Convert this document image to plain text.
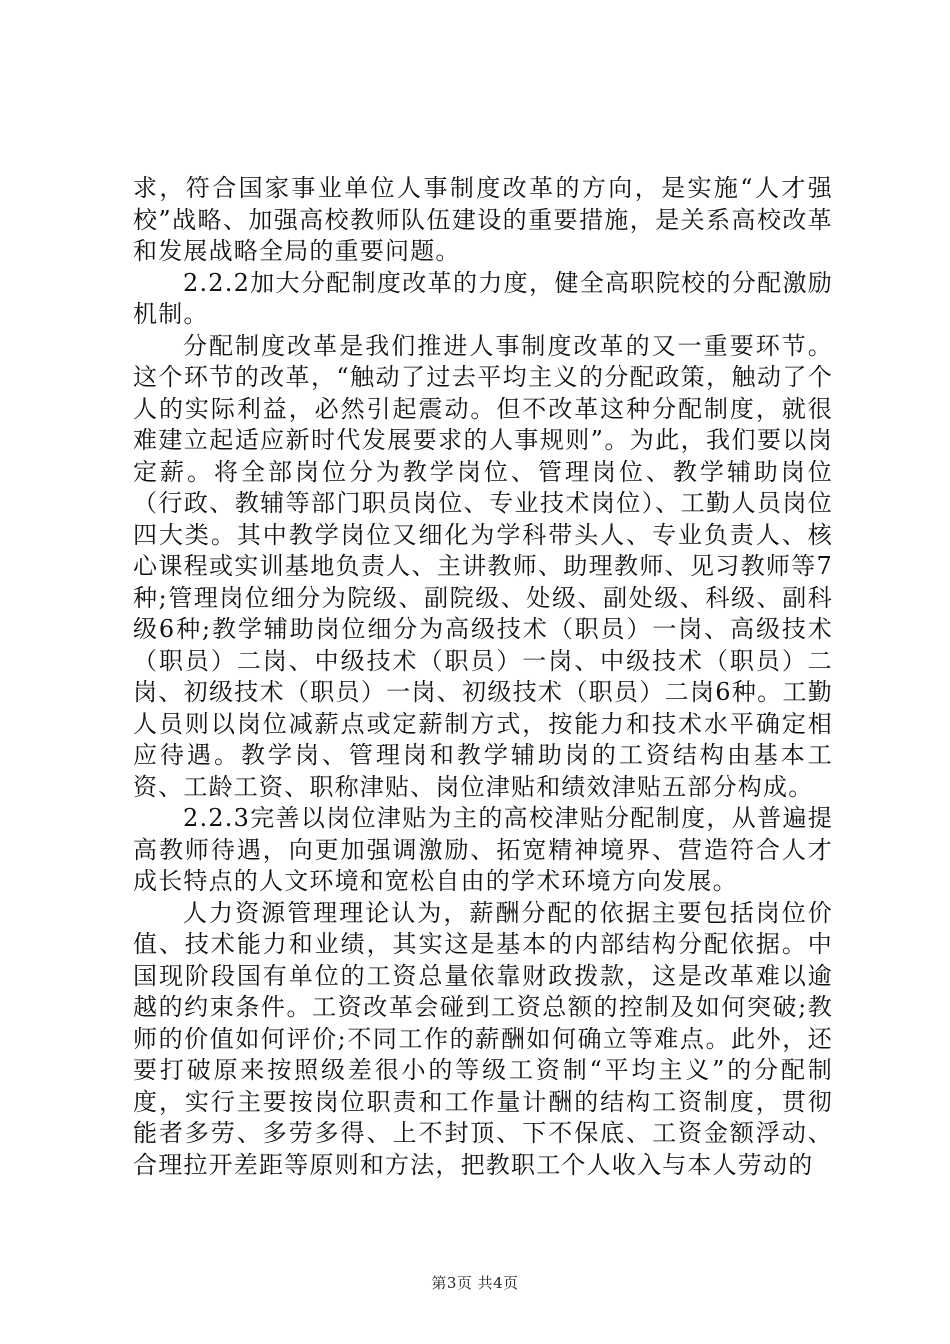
求，符合国家事业单位人事制度改革的方向，是实施“人才强校”战略、加强高校教师队伍建设的重要措施，是关系高校改革和发展战略全局的重要问题。

2.2.2加大分配制度改革的力度，健全高职院校的分配激励机制。

分配制度改革是我们推进人事制度改革的又一重要环节。这个环节的改革，“触动了过去平均主义的分配政策，触动了个人的实际利益，必然引起震动。但不改革这种分配制度，就很难建立起适应新时代发展要求的人事规则”。为此，我们要以岗定薪。将全部岗位分为教学岗位、管理岗位、教学辅助岗位（行政、教辅等部门职员岗位、专业技术岗位）、工勤人员岗位四大类。其中教学岗位又细化为学科带头人、专业负责人、核心课程或实训基地负责人、主讲教师、助理教师、见习教师等7种;管理岗位细分为院级、副院级、处级、副处级、科级、副科级6种;教学辅助岗位细分为高级技术（职员）一岗、高级技术（职员）二岗、中级技术（职员）一岗、中级技术（职员）二岗、初级技术（职员）一岗、初级技术（职员）二岗6种。工勤人员则以岗位减薪点或定薪制方式，按能力和技术水平确定相应待遇。教学岗、管理岗和教学辅助岗的工资结构由基本工资、工龄工资、职称津贴、岗位津贴和绩效津贴五部分构成。

2.2.3完善以岗位津贴为主的高校津贴分配制度，从普遍提高教师待遇，向更加强调激励、拓宽精神境界、营造符合人才成长特点的人文环境和宽松自由的学术环境方向发展。

人力资源管理理论认为，薪酬分配的依据主要包括岗位价值、技术能力和业绩，其实这是基本的内部结构分配依据。中国现阶段国有单位的工资总量依靠财政拨款，这是改革难以逾越的约束条件。工资改革会碰到工资总额的控制及如何突破;教师的价值如何评价;不同工作的薪酬如何确立等难点。此外，还要打破原来按照级差很小的等级工资制“平均主义”的分配制度，实行主要按岗位职责和工作量计酬的结构工资制度，贯彻能者多劳、多劳多得、上不封顶、下不保底、工资金额浮动、合理拉开差距等原则和方法，把教职工个人收入与本人劳动的

第3页 共4页
